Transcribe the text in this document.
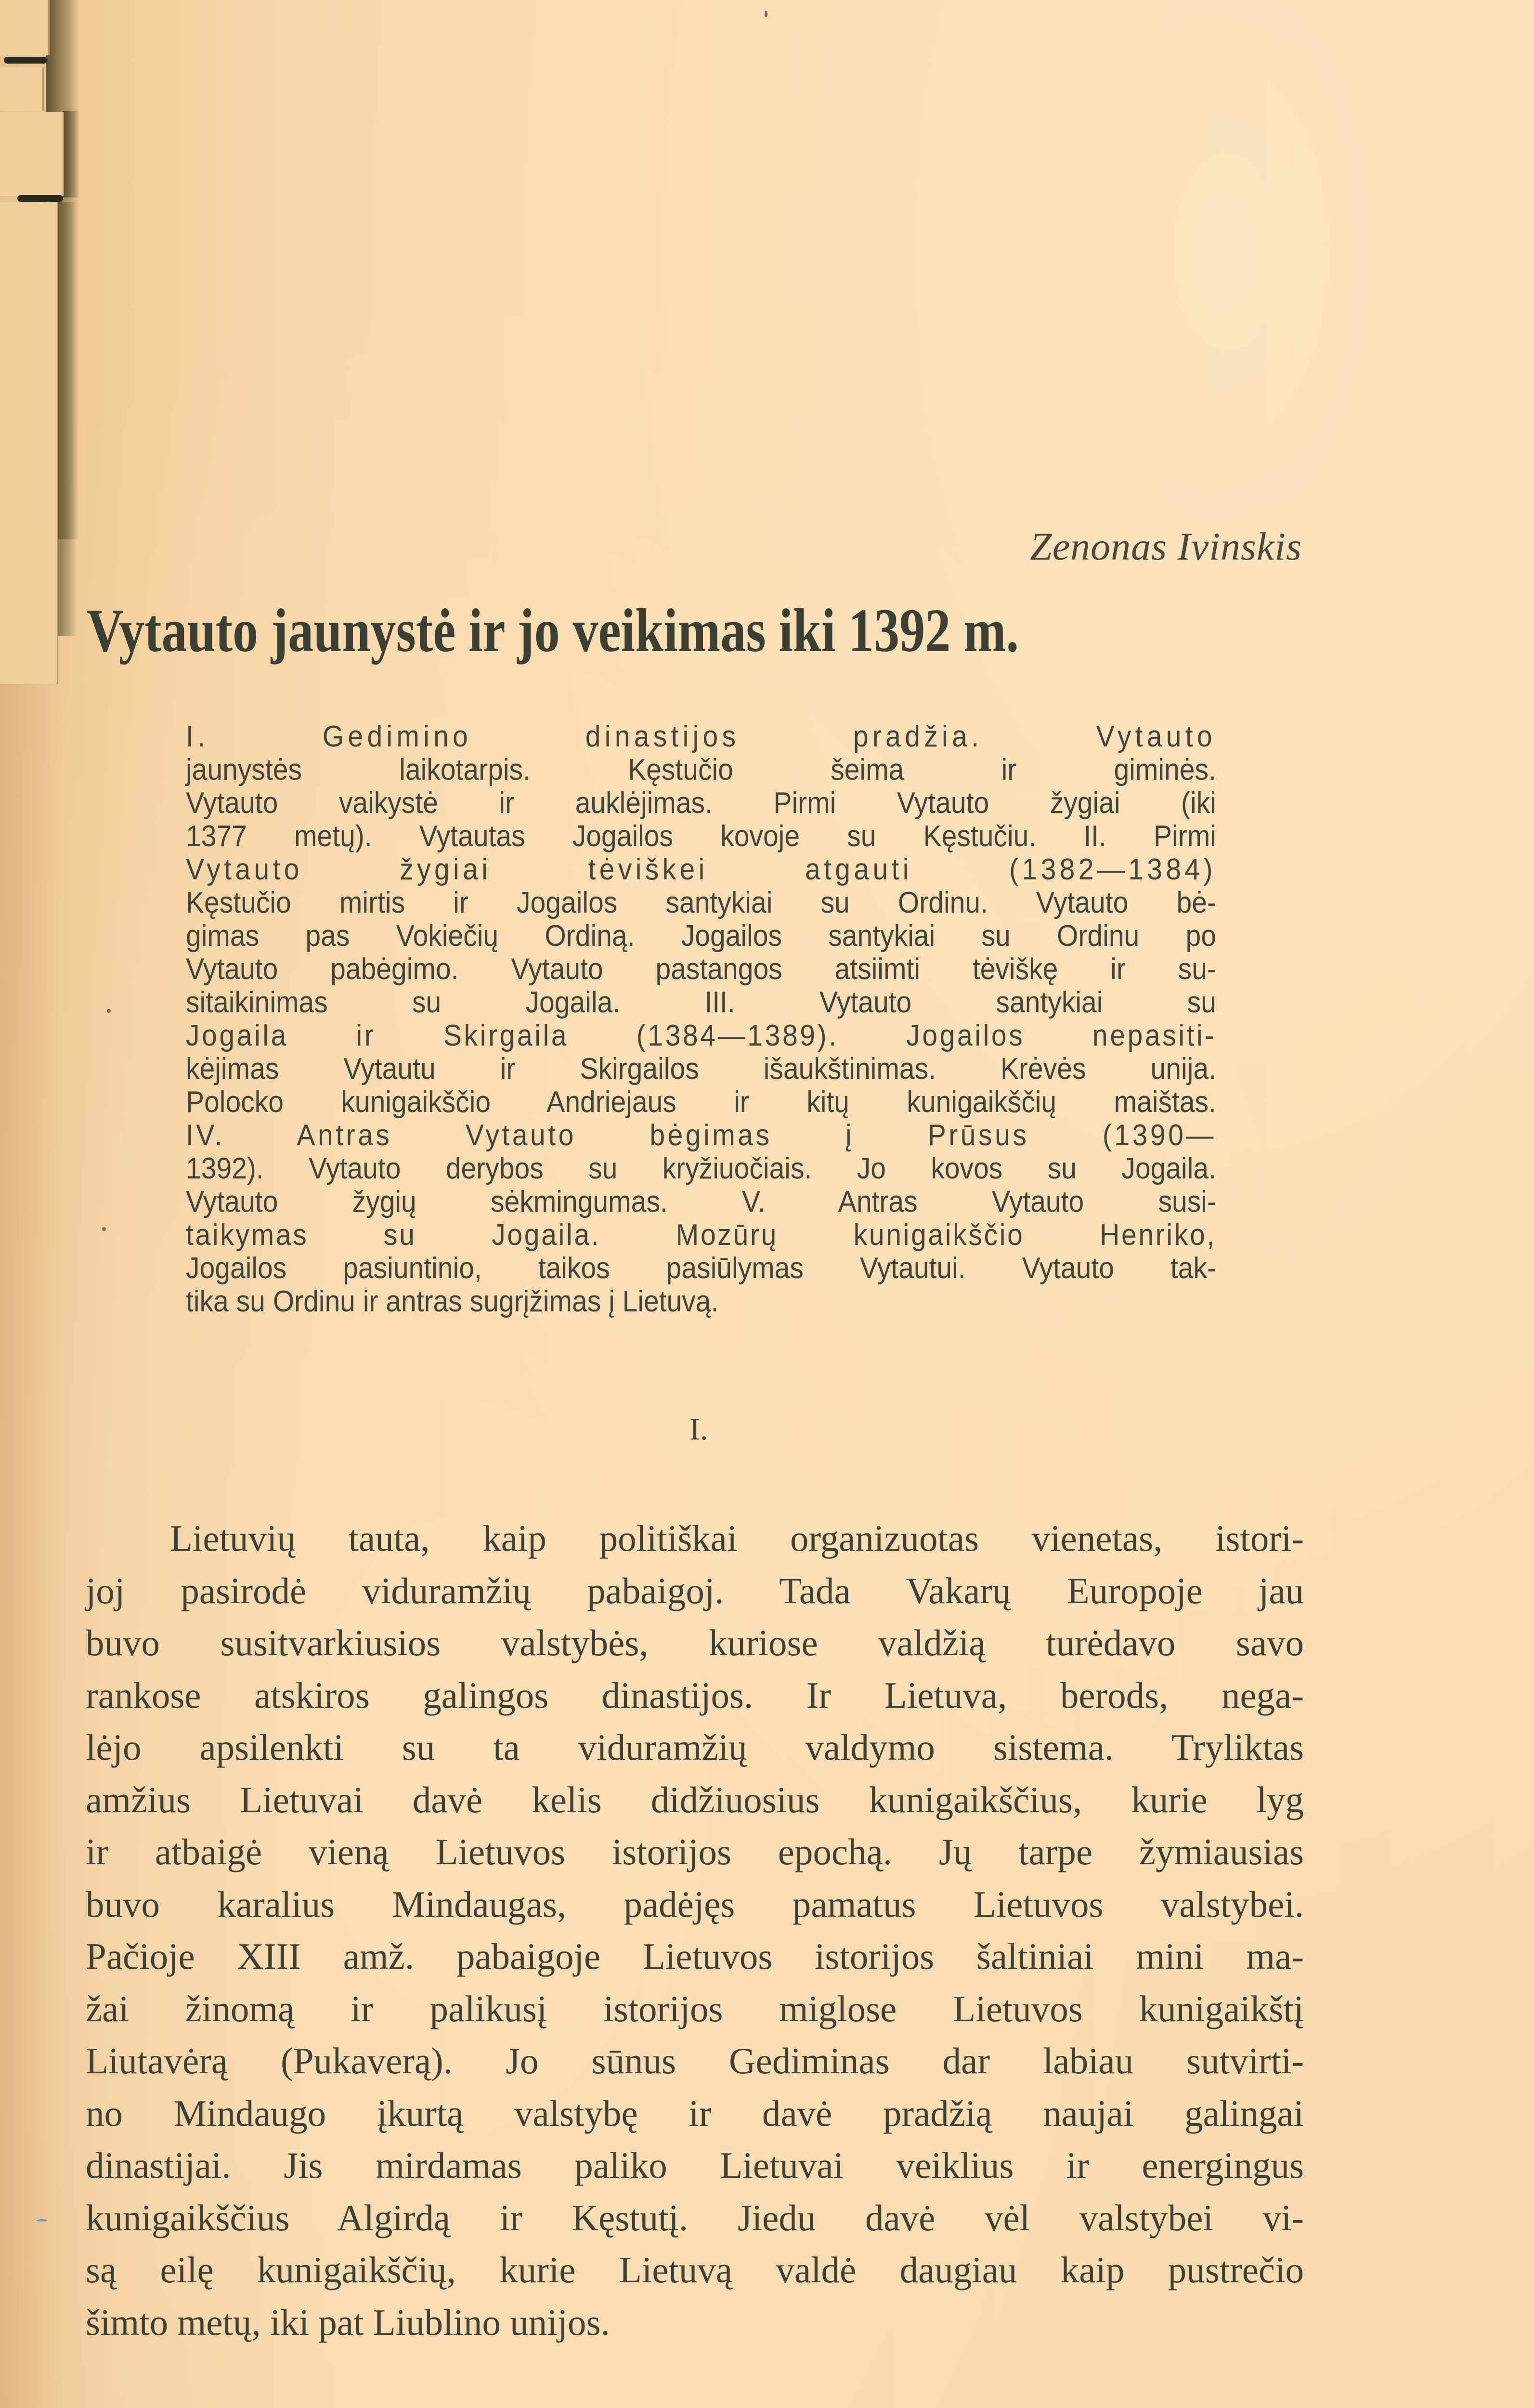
Zenonas Ivinskis
Vytauto jaunystė ir jo veikimas iki 1392 m.
I. Gedimino dinastijos pradžia. Vytauto
jaunystės laikotarpis. Kęstučio šeima ir giminės.
Vytauto vaikystė ir auklėjimas. Pirmi Vytauto žygiai (iki
1377 metų). Vytautas Jogailos kovoje su Kęstučiu. II. Pirmi
Vytauto žygiai tėviškei atgauti (1382—1384)
Kęstučio mirtis ir Jogailos santykiai su Ordinu. Vytauto bė-
gimas pas Vokiečių Ordiną. Jogailos santykiai su Ordinu po
Vytauto pabėgimo. Vytauto pastangos atsiimti tėviškę ir su-
sitaikinimas su Jogaila. III. Vytauto santykiai su
Jogaila ir Skirgaila (1384—1389). Jogailos nepasiti-
kėjimas Vytautu ir Skirgailos išaukštinimas. Krėvės unija.
Polocko kunigaikščio Andriejaus ir kitų kunigaikščių maištas.
IV. Antras Vytauto bėgimas į Prūsus (1390—
1392). Vytauto derybos su kryžiuočiais. Jo kovos su Jogaila.
Vytauto žygių sėkmingumas. V. Antras Vytauto susi-
taikymas su Jogaila. Mozūrų kunigaikščio Henriko,
Jogailos pasiuntinio, taikos pasiūlymas Vytautui. Vytauto tak-
tika su Ordinu ir antras sugrįžimas į Lietuvą.
I.
Lietuvių tauta, kaip politiškai organizuotas vienetas, istori-
joj pasirodė viduramžių pabaigoj. Tada Vakarų Europoje jau
buvo susitvarkiusios valstybės, kuriose valdžią turėdavo savo
rankose atskiros galingos dinastijos. Ir Lietuva, berods, nega-
lėjo apsilenkti su ta viduramžių valdymo sistema. Tryliktas
amžius Lietuvai davė kelis didžiuosius kunigaikščius, kurie lyg
ir atbaigė vieną Lietuvos istorijos epochą. Jų tarpe žymiausias
buvo karalius Mindaugas, padėjęs pamatus Lietuvos valstybei.
Pačioje XIII amž. pabaigoje Lietuvos istorijos šaltiniai mini ma-
žai žinomą ir palikusį istorijos miglose Lietuvos kunigaikštį
Liutavėrą (Pukaverą). Jo sūnus Gediminas dar labiau sutvirti-
no Mindaugo įkurtą valstybę ir davė pradžią naujai galingai
dinastijai. Jis mirdamas paliko Lietuvai veiklius ir energingus
kunigaikščius Algirdą ir Kęstutį. Jiedu davė vėl valstybei vi-
są eilę kunigaikščių, kurie Lietuvą valdė daugiau kaip pustrečio
šimto metų, iki pat Liublino unijos.
